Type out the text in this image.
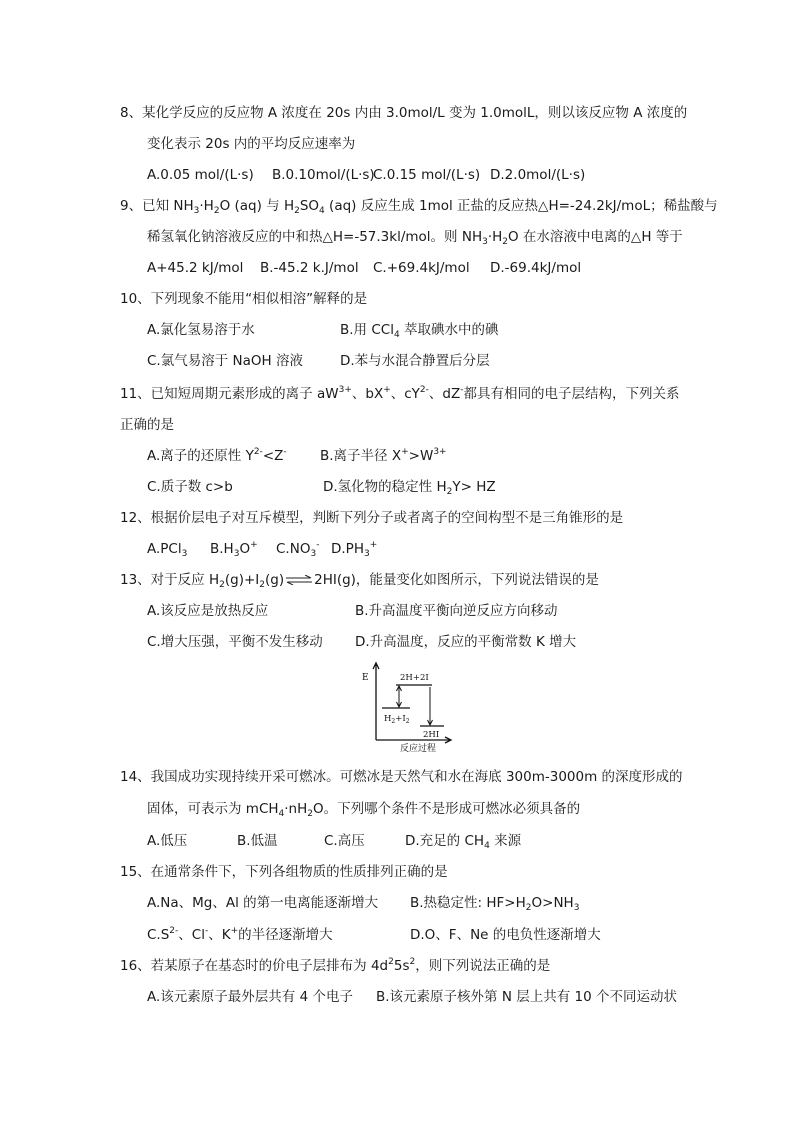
8、某化学反应的反应物 A 浓度在 20s 内由 3.0mol/L 变为 1.0molL，则以该反应物 A 浓度的
变化表示 20s 内的平均反应速率为
A.0.05 mol/(L·s) B.0.10mol/(L·s)
C.0.15 mol/(L·s) D.2.0mol/(L·s)
9、已知 $NH_3\cdot H_2O$ (aq) 与 $H_2SO_4$ (aq) 反应生成 1mol 正盐的反应热△H=-24.2kJ/moL；稀盐酸与
稀氢氧化钠溶液反应的中和热△H=-57.3kl/mol。则 $NH_3\cdot H_2O$ 在水溶液中电离的△H 等于
A+45.2 kJ/mol B.-45.2 k.J/mol C.+69.4kJ/mol D.-69.4kJ/mol
10、下列现象不能用“相似相溶”解释的是
A.氯化氢易溶于水	B.用 CCl$_4$ 萃取碘水中的碘
C.氯气易溶于 NaOH 溶液	D.苯与水混合静置后分层
11、已知短周期元素形成的离子 $aW^{3+}$、bX+、$cY^{2-}$、dZ-都具有相同的电子层结构，下列关系
正确的是
A.离子的还原性 $Y^{2-}<Z^-$ B.离子半径 $X^+>W^{3+}$
C.质子数 c>b	D.氢化物的稳定性 $H_2Y>$ HZ
12、根据价层电子对互斥模型，判断下列分子或者离子的空间构型不是三角锥形的是
A.PCl$_3$ $B.H_3O^+$ $C.NO_3^-$ $D.PH_3^+$
13、对于反应 $H_2(g)+I_2(g)\rightleftharpoons 2HI(g)$，能量变化如图所示，下列说法错误的是
A.该反应是放热反应	B.升高温度平衡向逆反应方向移动
C.增大压强，平衡不发生移动 D.升高温度，反应的平衡常数 K 增大
E	2H+2I
$H_2+I_2$
2HI
反应过程
14、我国成功实现持续开采可燃冰。可燃冰是天然气和水在海底 300m-3000m 的深度形成的
固体，可表示为 $mCH_4\cdot nH_2O$。下列哪个条件不是形成可燃冰必须具备的
A.低压	B.低温	C.高压	D.充足的 $CH_4$ 来源
15、在通常条件下，下列各组物质的性质排列正确的是
A.Na、Mg、Al 的第一电离能逐渐增大 B.热稳定性: $HF>H_2O>NH_3$
$C.S^{2-}$、Cl-、K+的半径逐渐增大	D.O、F、Ne 的电负性逐渐增大
16、若某原子在基态时的价电子层排布为 $4d^25s^2$，则下列说法正确的是
A.该元素原子最外层共有 4 个电子 B.该元素原子核外第 N 层上共有 10 个不同运动状
